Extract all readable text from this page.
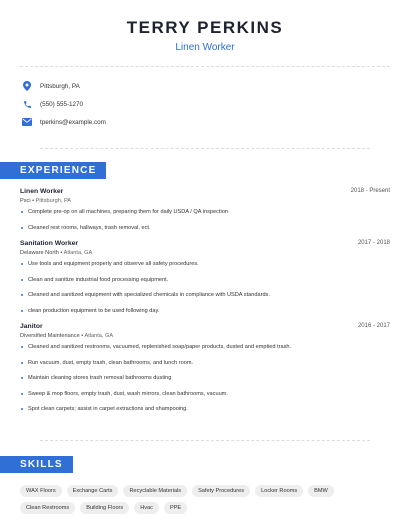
TERRY PERKINS
Linen Worker
Pittsburgh, PA
(550) 555-1270
tperkins@example.com
EXPERIENCE
Linen Worker	2018 - Present
Psci • Pittsburgh, PA
Complete pre-op on all machines, preparing them for daily USDA / QA inspection
Cleaned rest rooms, hallways, trash removal, ect.
Sanitation Worker	2017 - 2018
Delaware North • Atlanta, GA
Use tools and equipment properly and observe all safety procedures.
Clean and sanitize industrial food processing equipment.
Cleaned and sanitized equipment with specialized chemicals in compliance with USDA standards.
clean production equipment to be used following day.
Janitor	2016 - 2017
Diversified Maintenance • Atlanta, GA
Cleaned and sanitized restrooms, vacuumed, replenished soap/paper products, dusted and emptied trash.
Run vacuum, dust, empty trash, clean bathrooms, and lunch room.
Maintain cleaning stores trash removal bathrooms dusting
Sweep & mop floors, empty trash, dust, wash mirrors, clean bathrooms, vacuum.
Spot clean carpets; assist in carpet extractions and shampooing.
SKILLS
WAX Floors	Exchange Carts	Recyclable Materials	Safety Procedures	Locker Rooms	BMW
Clean Restrooms	Building Floors	Hvac	PPE
